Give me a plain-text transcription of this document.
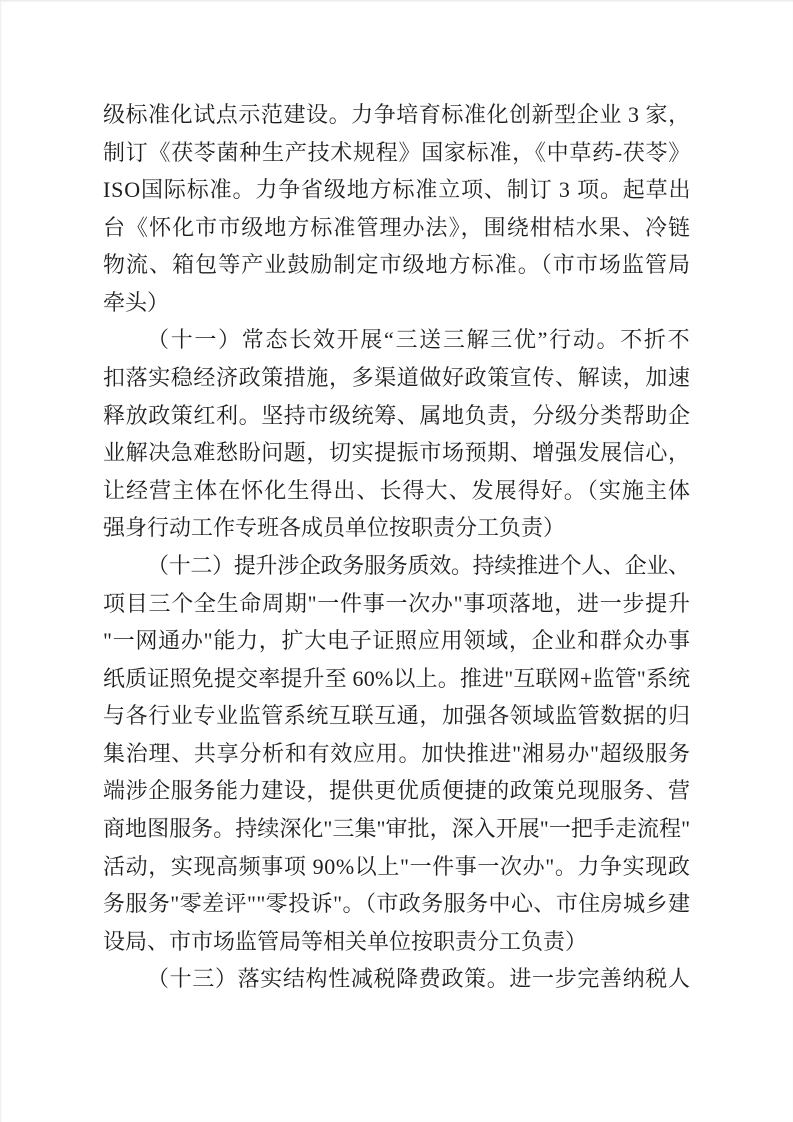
级标准化试点示范建设。力争培育标准化创新型企业 3 家，
制订《茯苓菌种生产技术规程》国家标准，《中草药-茯苓》
ISO国际标准。力争省级地方标准立项、制订 3 项。起草出
台《怀化市市级地方标准管理办法》，围绕柑桔水果、冷链
物流、箱包等产业鼓励制定市级地方标准。（市市场监管局
牵头）
（十一）常态长效开展“三送三解三优”行动。不折不
扣落实稳经济政策措施，多渠道做好政策宣传、解读，加速
释放政策红利。坚持市级统筹、属地负责，分级分类帮助企
业解决急难愁盼问题，切实提振市场预期、增强发展信心，
让经营主体在怀化生得出、长得大、发展得好。（实施主体
强身行动工作专班各成员单位按职责分工负责）
（十二）提升涉企政务服务质效。持续推进个人、企业、
项目三个全生命周期"一件事一次办"事项落地，进一步提升
"一网通办"能力，扩大电子证照应用领域，企业和群众办事
纸质证照免提交率提升至 60%以上。推进"互联网+监管"系统
与各行业专业监管系统互联互通，加强各领域监管数据的归
集治理、共享分析和有效应用。加快推进"湘易办"超级服务
端涉企服务能力建设，提供更优质便捷的政策兑现服务、营
商地图服务。持续深化"三集"审批，深入开展"一把手走流程"
活动，实现高频事项 90%以上"一件事一次办"。力争实现政
务服务"零差评""零投诉"。（市政务服务中心、市住房城乡建
设局、市市场监管局等相关单位按职责分工负责）
（十三）落实结构性减税降费政策。进一步完善纳税人
